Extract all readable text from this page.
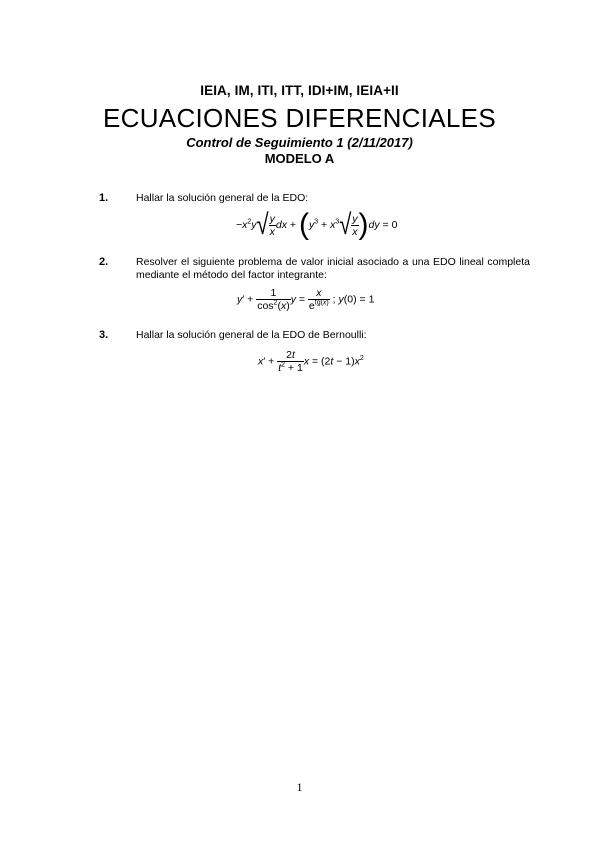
IEIA, IM, ITI, ITT, IDI+IM, IEIA+II
ECUACIONES DIFERENCIALES
Control de Seguimiento 1 (2/11/2017)
MODELO A
1.	Hallar la solución general de la EDO:
$-x^2y√ \frac{y}{x}$ dx + $(y^3 + x^3√ \frac{y}{x} )dy = 0$
2.	Resolver el siguiente problema de valor inicial asociado a una EDO lineal completa mediante el método del factor integrante:
$y' + \frac{1}{\cos^2(x)}$ $y = \frac{x}{e^{tg(x)}}$ ; y(0) = 1
3.	Hallar la solución general de la EDO de Bernoulli:
$x' + \frac{2t}{t^2 + 1}$ $x = (2t - 1)x^2$
1
